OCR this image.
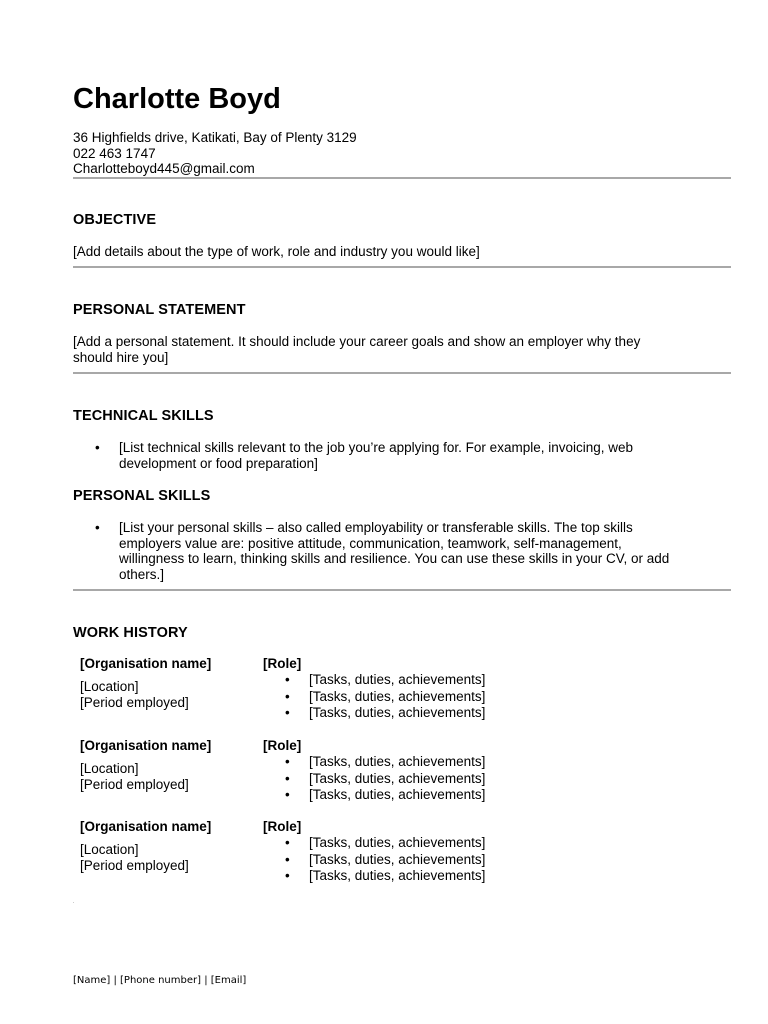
Charlotte Boyd
36 Highfields drive, Katikati, Bay of Plenty 3129
022 463 1747
Charlotteboyd445@gmail.com
OBJECTIVE

[Add details about the type of work, role and industry you would like]

PERSONAL STATEMENT

[Add a personal statement. It should include your career goals and show an employer why they should hire you]

TECHNICAL SKILLS
•	[List technical skills relevant to the job you’re applying for. For example, invoicing, web development or food preparation]
PERSONAL SKILLS
•	[List your personal skills – also called employability or transferable skills. The top skills employers value are: positive attitude, communication, teamwork, self-management, willingness to learn, thinking skills and resilience. You can use these skills in your CV, or add others.]
WORK HISTORY
[Organisation name]
[Location]
[Period employed]
[Role]
• [Tasks, duties, achievements]
• [Tasks, duties, achievements]
• [Tasks, duties, achievements]
[Organisation name]
[Location]
[Period employed]
[Role]
• [Tasks, duties, achievements]
• [Tasks, duties, achievements]
• [Tasks, duties, achievements]
[Organisation name]
[Location]
[Period employed]
[Role]
• [Tasks, duties, achievements]
• [Tasks, duties, achievements]
• [Tasks, duties, achievements]
[Name] | [Phone number] | [Email]
